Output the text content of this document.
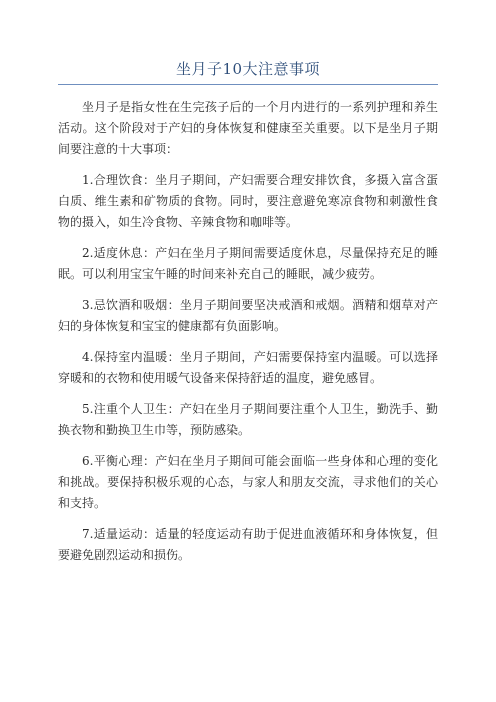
坐月子10大注意事项

坐月子是指女性在生完孩子后的一个月内进行的一系列护理和养生活动。这个阶段对于产妇的身体恢复和健康至关重要。以下是坐月子期间要注意的十大事项：

1.合理饮食：坐月子期间，产妇需要合理安排饮食，多摄入富含蛋白质、维生素和矿物质的食物。同时，要注意避免寒凉食物和刺激性食物的摄入，如生冷食物、辛辣食物和咖啡等。

2.适度休息：产妇在坐月子期间需要适度休息，尽量保持充足的睡眠。可以利用宝宝午睡的时间来补充自己的睡眠，减少疲劳。

3.忌饮酒和吸烟：坐月子期间要坚决戒酒和戒烟。酒精和烟草对产妇的身体恢复和宝宝的健康都有负面影响。

4.保持室内温暖：坐月子期间，产妇需要保持室内温暖。可以选择穿暖和的衣物和使用暖气设备来保持舒适的温度，避免感冒。

5.注重个人卫生：产妇在坐月子期间要注重个人卫生，勤洗手、勤换衣物和勤换卫生巾等，预防感染。

6.平衡心理：产妇在坐月子期间可能会面临一些身体和心理的变化和挑战。要保持积极乐观的心态，与家人和朋友交流，寻求他们的关心和支持。

7.适量运动：适量的轻度运动有助于促进血液循环和身体恢复，但要避免剧烈运动和损伤。
